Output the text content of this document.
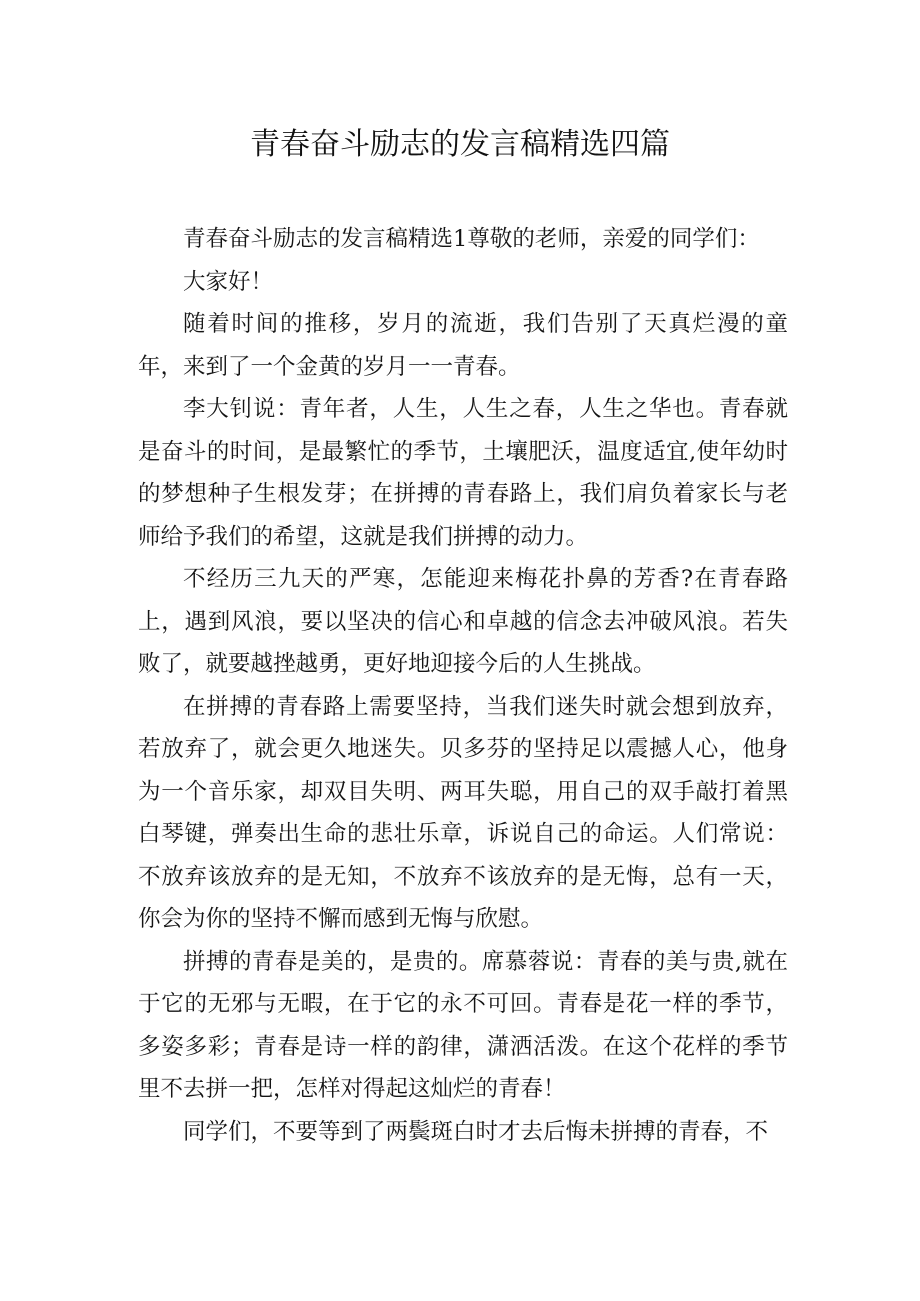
青春奋斗励志的发言稿精选四篇

青春奋斗励志的发言稿精选1尊敬的老师，亲爱的同学们：

大家好！

随着时间的推移，岁月的流逝，我们告别了天真烂漫的童年，来到了一个金黄的岁月一一青春。

李大钊说：青年者，人生，人生之春，人生之华也。青春就是奋斗的时间，是最繁忙的季节，土壤肥沃，温度适宜,使年幼时的梦想种子生根发芽；在拼搏的青春路上，我们肩负着家长与老师给予我们的希望，这就是我们拼搏的动力。

不经历三九天的严寒，怎能迎来梅花扑鼻的芳香?在青春路上，遇到风浪，要以坚决的信心和卓越的信念去冲破风浪。若失败了，就要越挫越勇，更好地迎接今后的人生挑战。

在拼搏的青春路上需要坚持，当我们迷失时就会想到放弃，若放弃了，就会更久地迷失。贝多芬的坚持足以震撼人心，他身为一个音乐家，却双目失明、两耳失聪，用自己的双手敲打着黑白琴键，弹奏出生命的悲壮乐章，诉说自己的命运。人们常说：不放弃该放弃的是无知，不放弃不该放弃的是无悔，总有一天，你会为你的坚持不懈而感到无悔与欣慰。

拼搏的青春是美的，是贵的。席慕蓉说：青春的美与贵,就在于它的无邪与无暇，在于它的永不可回。青春是花一样的季节，多姿多彩；青春是诗一样的韵律，潇洒活泼。在这个花样的季节里不去拼一把，怎样对得起这灿烂的青春！

同学们，不要等到了两鬓斑白时才去后悔未拼搏的青春，不
